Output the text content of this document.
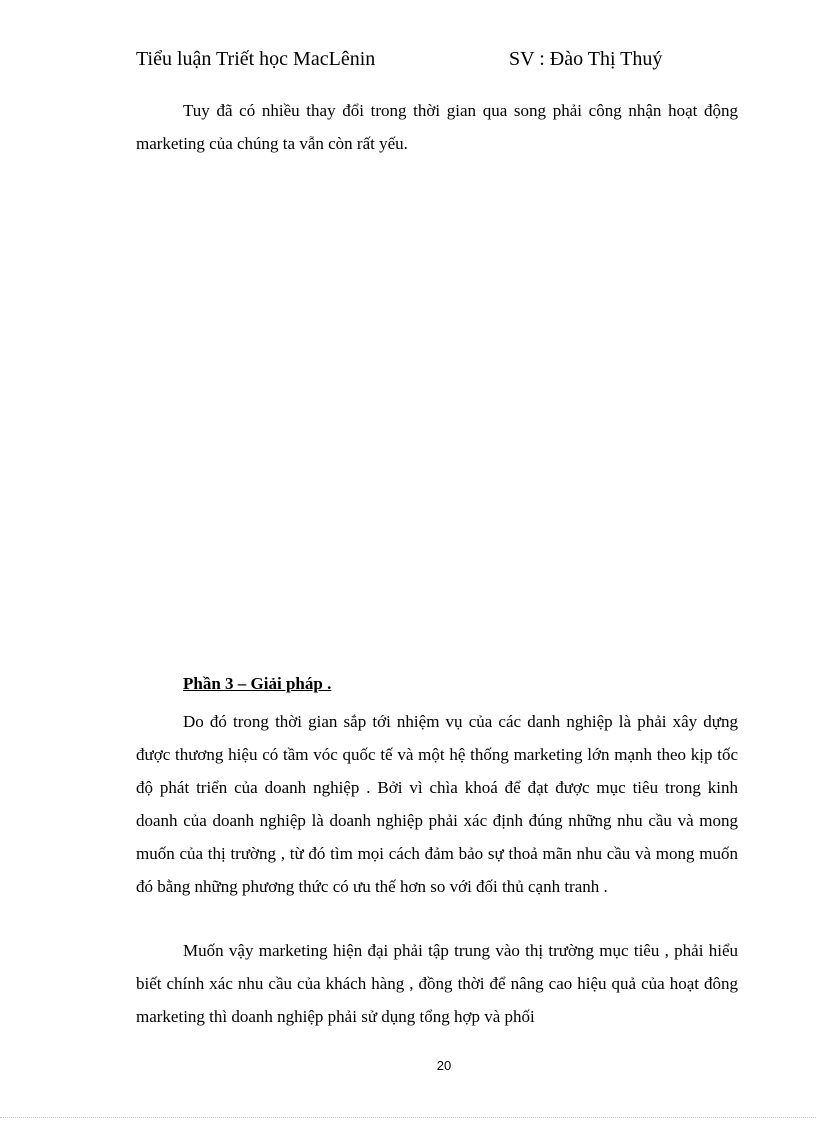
Tiểu luận Triết học MacLênin	SV : Đào Thị Thuý

Tuy đã có nhiều thay đổi trong thời gian qua song phải công nhận hoạt động marketing của chúng ta vẫn còn rất yếu.

Phần 3 – Giải pháp .

Do đó trong thời gian sắp tới nhiệm vụ của các danh nghiệp là phải xây dựng được thương hiệu có tầm vóc quốc tế và một hệ thống marketing lớn mạnh theo kịp tốc độ phát triển của doanh nghiệp . Bởi vì chìa khoá để đạt được mục tiêu trong kinh doanh của doanh nghiệp là doanh nghiệp phải xác định đúng những nhu cầu và mong muốn của thị trường , từ đó tìm mọi cách đảm bảo sự thoả mãn nhu cầu và mong muốn đó bằng những phương thức có ưu thế hơn so với đối thủ cạnh tranh .

Muốn vậy marketing hiện đại phải tập trung vào thị trường mục tiêu , phải hiểu biết chính xác nhu cầu của khách hàng , đồng thời để nâng cao hiệu quả của hoạt đông marketing thì doanh nghiệp phải sử dụng tổng hợp và phối

20
